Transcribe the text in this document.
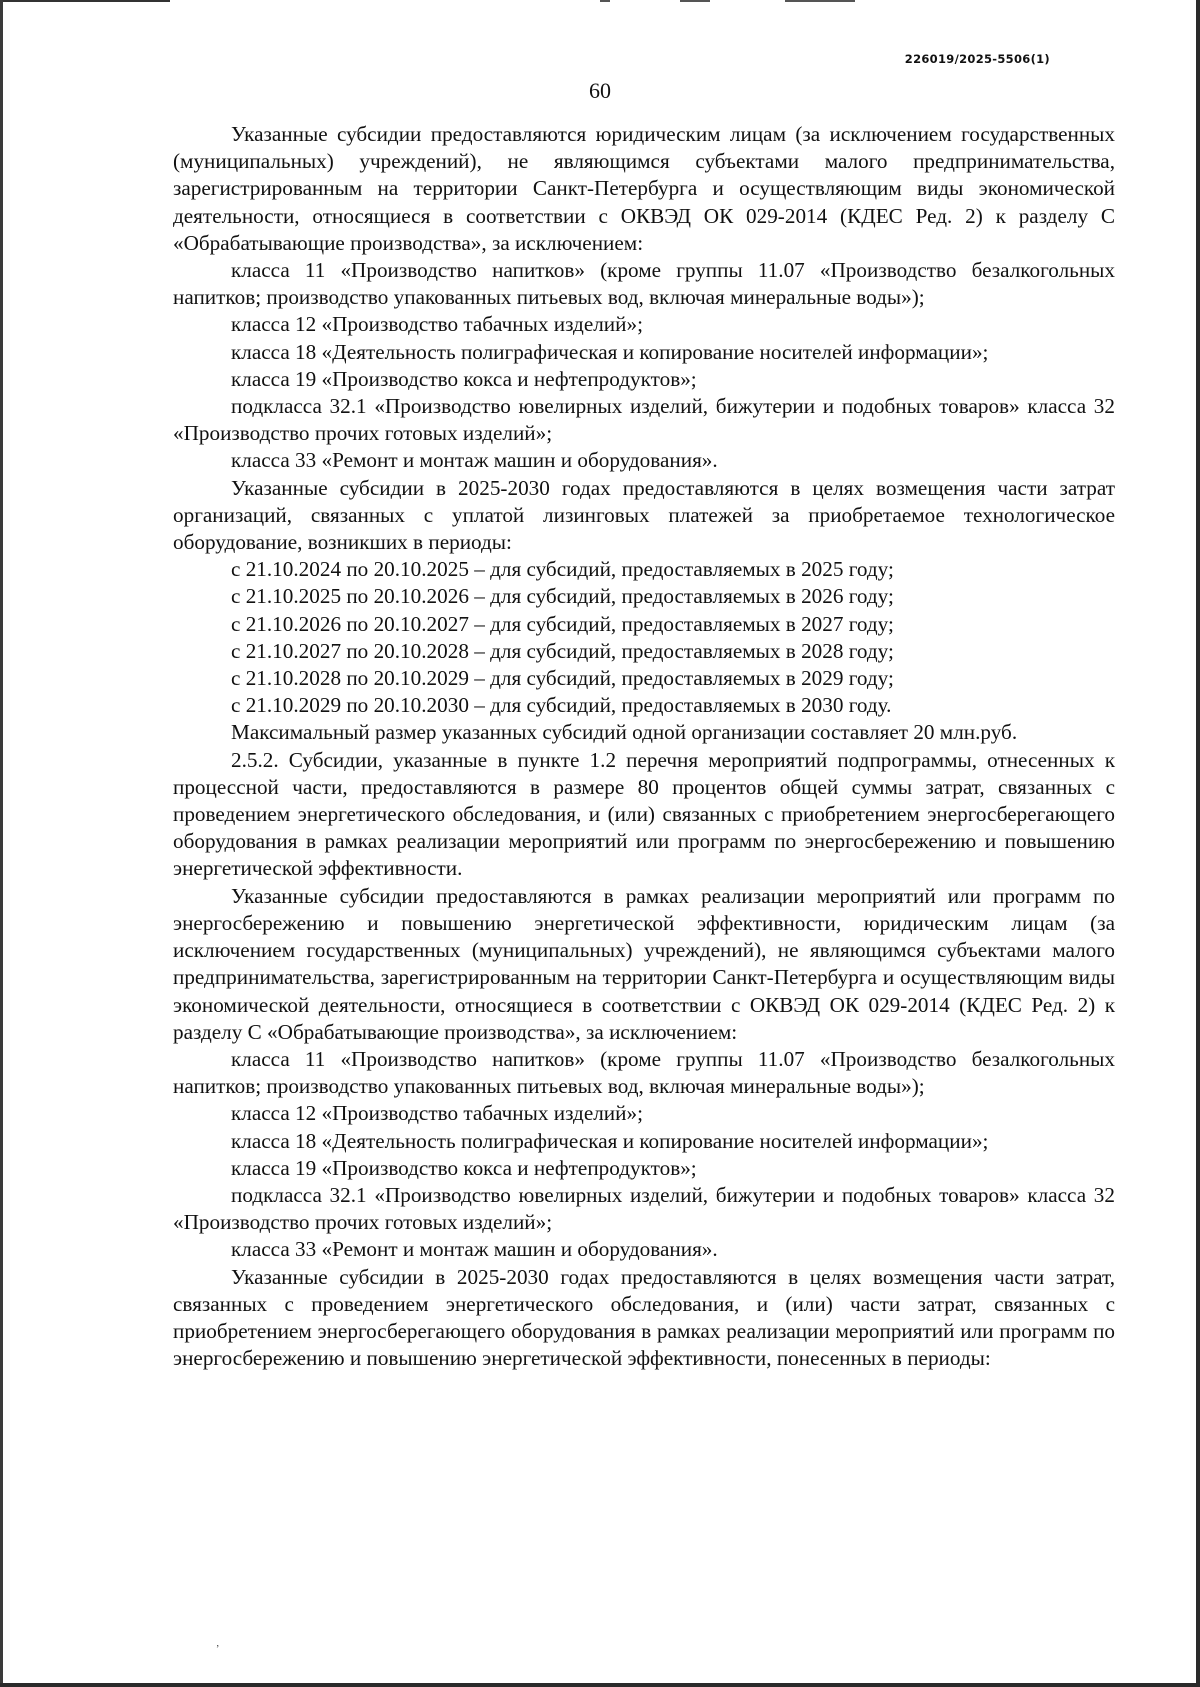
226019/2025-5506(1)
60

Указанные субсидии предоставляются юридическим лицам (за исключением государственных (муниципальных) учреждений), не являющимся субъектами малого предпринимательства, зарегистрированным на территории Санкт-Петербурга и осуществляющим виды экономической деятельности, относящиеся в соответствии с ОКВЭД ОК 029-2014 (КДЕС Ред. 2) к разделу С «Обрабатывающие производства», за исключением:

класса 11 «Производство напитков» (кроме группы 11.07 «Производство безалкогольных напитков; производство упакованных питьевых вод, включая минеральные воды»);

класса 12 «Производство табачных изделий»;

класса 18 «Деятельность полиграфическая и копирование носителей информации»;

класса 19 «Производство кокса и нефтепродуктов»;

подкласса 32.1 «Производство ювелирных изделий, бижутерии и подобных товаров» класса 32 «Производство прочих готовых изделий»;

класса 33 «Ремонт и монтаж машин и оборудования».

Указанные субсидии в 2025-2030 годах предоставляются в целях возмещения части затрат организаций, связанных с уплатой лизинговых платежей за приобретаемое технологическое оборудование, возникших в периоды:

с 21.10.2024 по 20.10.2025 – для субсидий, предоставляемых в 2025 году;

с 21.10.2025 по 20.10.2026 – для субсидий, предоставляемых в 2026 году;

с 21.10.2026 по 20.10.2027 – для субсидий, предоставляемых в 2027 году;

с 21.10.2027 по 20.10.2028 – для субсидий, предоставляемых в 2028 году;

с 21.10.2028 по 20.10.2029 – для субсидий, предоставляемых в 2029 году;

с 21.10.2029 по 20.10.2030 – для субсидий, предоставляемых в 2030 году.

Максимальный размер указанных субсидий одной организации составляет 20 млн.руб.

2.5.2. Субсидии, указанные в пункте 1.2 перечня мероприятий подпрограммы, отнесенных к процессной части, предоставляются в размере 80 процентов общей суммы затрат, связанных с проведением энергетического обследования, и (или) связанных с приобретением энергосберегающего оборудования в рамках реализации мероприятий или программ по энергосбережению и повышению энергетической эффективности.

Указанные субсидии предоставляются в рамках реализации мероприятий или программ по энергосбережению и повышению энергетической эффективности, юридическим лицам (за исключением государственных (муниципальных) учреждений), не являющимся субъектами малого предпринимательства, зарегистрированным на территории Санкт-Петербурга и осуществляющим виды экономической деятельности, относящиеся в соответствии с ОКВЭД ОК 029-2014 (КДЕС Ред. 2) к разделу С «Обрабатывающие производства», за исключением:

класса 11 «Производство напитков» (кроме группы 11.07 «Производство безалкогольных напитков; производство упакованных питьевых вод, включая минеральные воды»);

класса 12 «Производство табачных изделий»;

класса 18 «Деятельность полиграфическая и копирование носителей информации»;

класса 19 «Производство кокса и нефтепродуктов»;

подкласса 32.1 «Производство ювелирных изделий, бижутерии и подобных товаров» класса 32 «Производство прочих готовых изделий»;

класса 33 «Ремонт и монтаж машин и оборудования».

Указанные субсидии в 2025-2030 годах предоставляются в целях возмещения части затрат, связанных с проведением энергетического обследования, и (или) части затрат, связанных с приобретением энергосберегающего оборудования в рамках реализации мероприятий или программ по энергосбережению и повышению энергетической эффективности, понесенных в периоды:

ʼ
